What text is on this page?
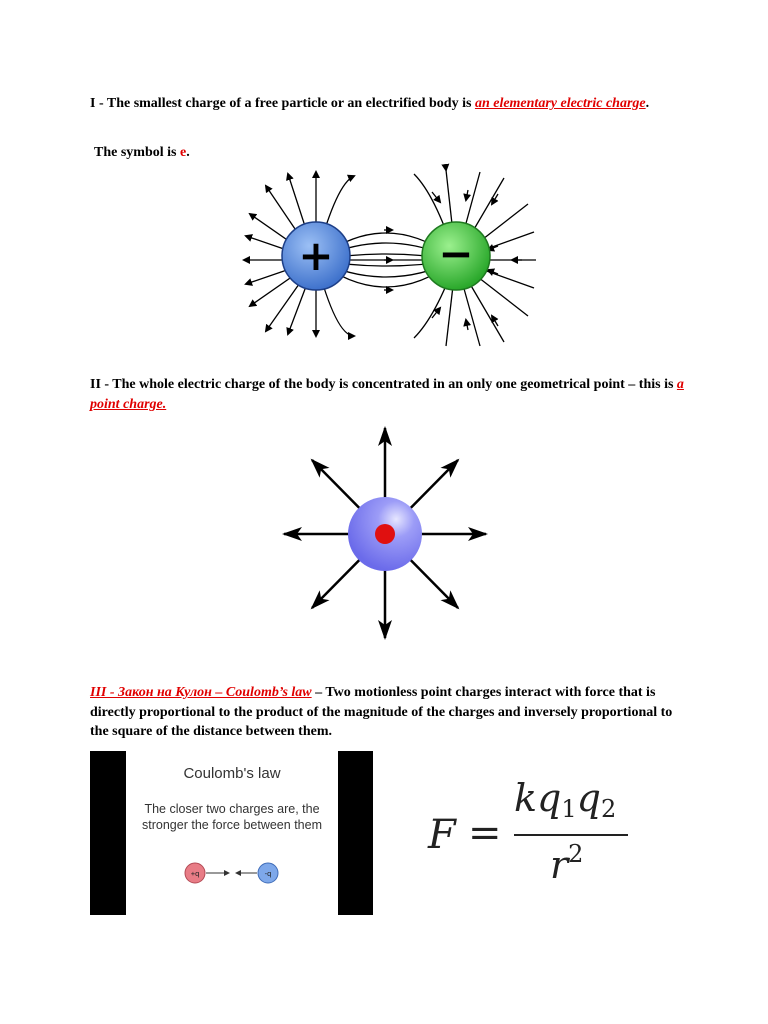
I - The smallest charge of a free particle or an electrified body is an elementary electric charge.
The symbol is e.
+ −
II - The whole electric charge of the body is concentrated in an only one geometrical point – this is a point charge.
III - Закон на Кулон – Coulomb’s law – Two motionless point charges interact with force that is directly proportional to the product of the magnitude of the charges and inversely proportional to the square of the distance between them.
Coulomb's law
The closer two charges are, the stronger the force between them
+q	-q
F =
$kq_1q_2$
$r^2$
